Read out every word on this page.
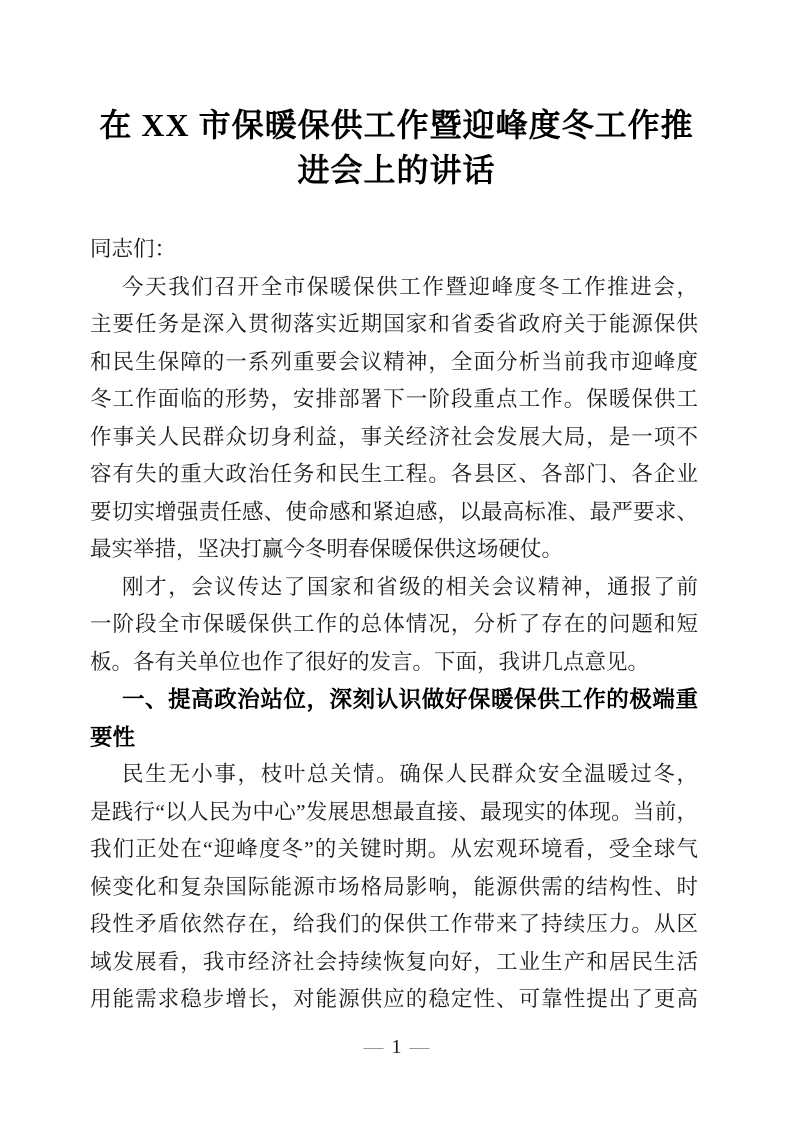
在 XX 市保暖保供工作暨迎峰度冬工作推
进会上的讲话
同志们：
今天我们召开全市保暖保供工作暨迎峰度冬工作推进会，
主要任务是深入贯彻落实近期国家和省委省政府关于能源保供
和民生保障的一系列重要会议精神，全面分析当前我市迎峰度
冬工作面临的形势，安排部署下一阶段重点工作。保暖保供工
作事关人民群众切身利益，事关经济社会发展大局，是一项不
容有失的重大政治任务和民生工程。各县区、各部门、各企业
要切实增强责任感、使命感和紧迫感，以最高标准、最严要求、
最实举措，坚决打赢今冬明春保暖保供这场硬仗。
刚才，会议传达了国家和省级的相关会议精神，通报了前
一阶段全市保暖保供工作的总体情况，分析了存在的问题和短
板。各有关单位也作了很好的发言。下面，我讲几点意见。
一、提高政治站位，深刻认识做好保暖保供工作的极端重
要性
民生无小事，枝叶总关情。确保人民群众安全温暖过冬，
是践行“以人民为中心”发展思想最直接、最现实的体现。当前，
我们正处在“迎峰度冬”的关键时期。从宏观环境看，受全球气
候变化和复杂国际能源市场格局影响，能源供需的结构性、时
段性矛盾依然存在，给我们的保供工作带来了持续压力。从区
域发展看，我市经济社会持续恢复向好，工业生产和居民生活
用能需求稳步增长，对能源供应的稳定性、可靠性提出了更高
— 1 —
